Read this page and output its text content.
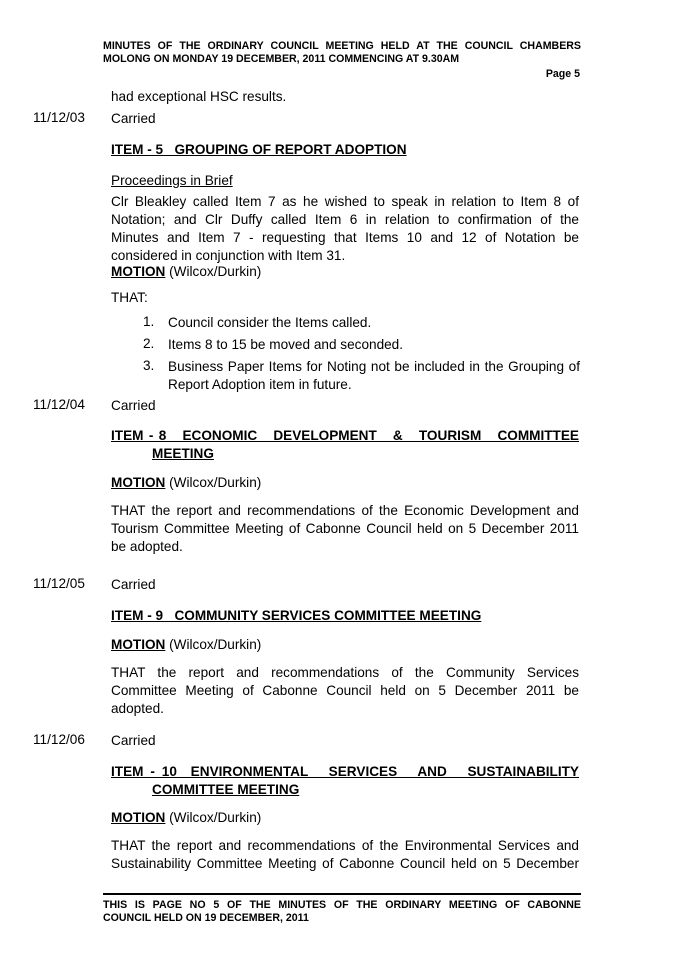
MINUTES OF THE ORDINARY COUNCIL MEETING HELD AT THE COUNCIL CHAMBERS
MOLONG ON MONDAY 19 DECEMBER, 2011 COMMENCING AT 9.30AM
Page 5
had exceptional HSC results.
11/12/03 Carried
ITEM - 5   GROUPING OF REPORT ADOPTION
Proceedings in Brief
Clr Bleakley called Item 7 as he wished to speak in relation to Item 8 of
Notation; and Clr Duffy called Item 6 in relation to confirmation of the
Minutes and Item 7 - requesting that Items 10 and 12 of Notation be
considered in conjunction with Item 31.
MOTION (Wilcox/Durkin)
THAT:
1. Council consider the Items called.
2. Items 8 to 15 be moved and seconded.
3. Business Paper Items for Noting not be included in the Grouping of
Report Adoption item in future.
11/12/04 Carried
ITEM - 8   ECONOMIC   DEVELOPMENT   &   TOURISM   COMMITTEE
MEETING
MOTION (Wilcox/Durkin)
THAT the report and recommendations of the Economic Development and
Tourism Committee Meeting of Cabonne Council held on 5 December 2011
be adopted.
11/12/05 Carried
ITEM - 9   COMMUNITY SERVICES COMMITTEE MEETING
MOTION (Wilcox/Durkin)
THAT the report and recommendations of the Community Services
Committee Meeting of Cabonne Council held on 5 December 2011 be
adopted.
11/12/06 Carried
ITEM - 10  ENVIRONMENTAL   SERVICES   AND   SUSTAINABILITY
COMMITTEE MEETING
MOTION (Wilcox/Durkin)
THAT the report and recommendations of the Environmental Services and
Sustainability Committee Meeting of Cabonne Council held on 5 December
THIS IS PAGE NO 5 OF THE MINUTES OF THE ORDINARY MEETING OF CABONNE
COUNCIL HELD ON 19 DECEMBER, 2011
